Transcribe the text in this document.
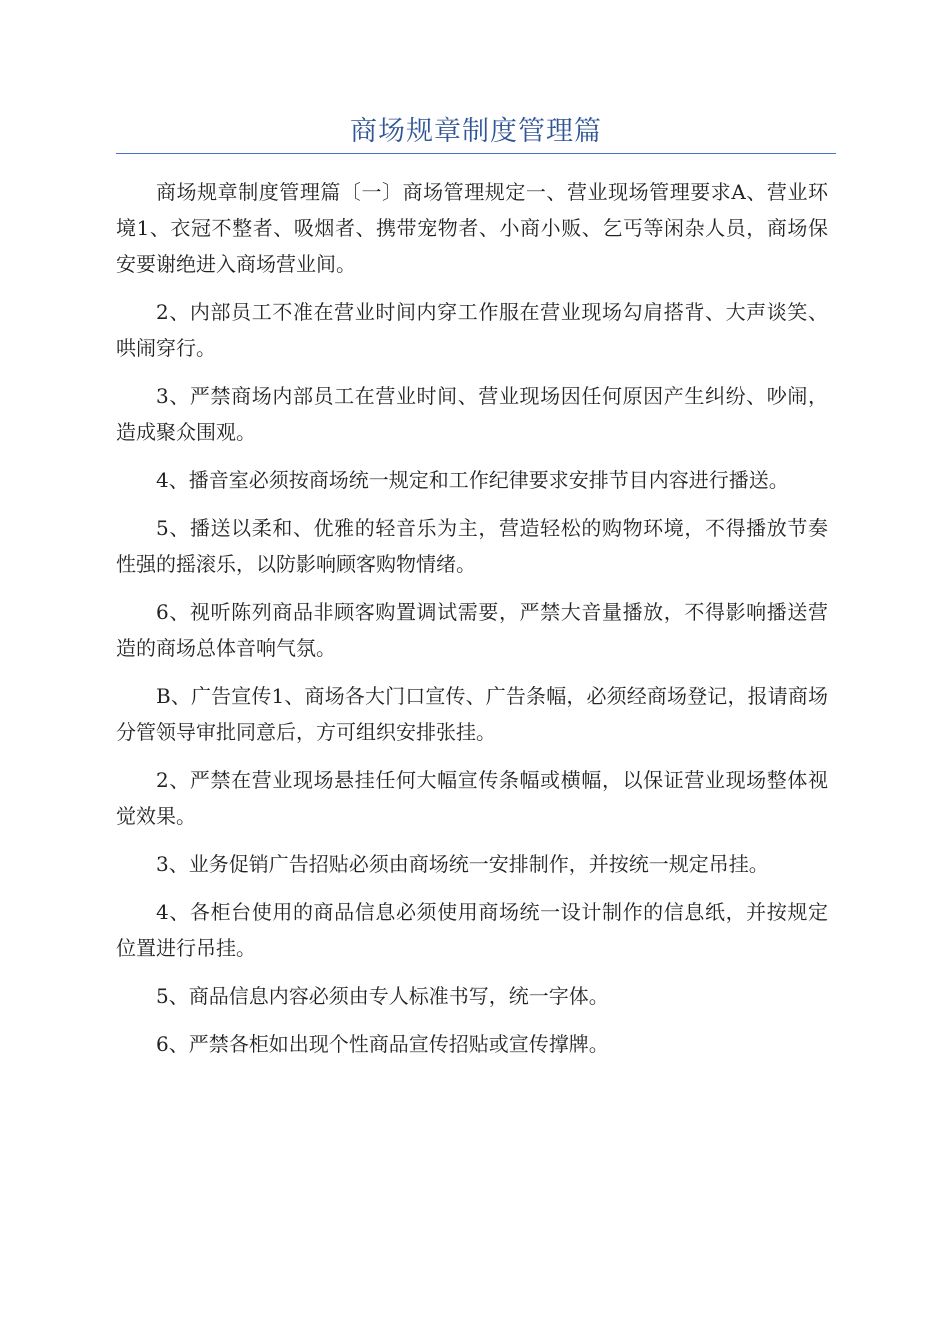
商场规章制度管理篇

商场规章制度管理篇〔一〕商场管理规定一、营业现场管理要求A、营业环境1、衣冠不整者、吸烟者、携带宠物者、小商小贩、乞丐等闲杂人员，商场保安要谢绝进入商场营业间。

2、内部员工不准在营业时间内穿工作服在营业现场勾肩搭背、大声谈笑、哄闹穿行。

3、严禁商场内部员工在营业时间、营业现场因任何原因产生纠纷、吵闹，造成聚众围观。

4、播音室必须按商场统一规定和工作纪律要求安排节目内容进行播送。

5、播送以柔和、优雅的轻音乐为主，营造轻松的购物环境，不得播放节奏性强的摇滚乐，以防影响顾客购物情绪。

6、视听陈列商品非顾客购置调试需要，严禁大音量播放，不得影响播送营造的商场总体音响气氛。

B、广告宣传1、商场各大门口宣传、广告条幅，必须经商场登记，报请商场分管领导审批同意后，方可组织安排张挂。

2、严禁在营业现场悬挂任何大幅宣传条幅或横幅，以保证营业现场整体视觉效果。

3、业务促销广告招贴必须由商场统一安排制作，并按统一规定吊挂。

4、各柜台使用的商品信息必须使用商场统一设计制作的信息纸，并按规定位置进行吊挂。

5、商品信息内容必须由专人标准书写，统一字体。

6、严禁各柜如出现个性商品宣传招贴或宣传撑牌。
